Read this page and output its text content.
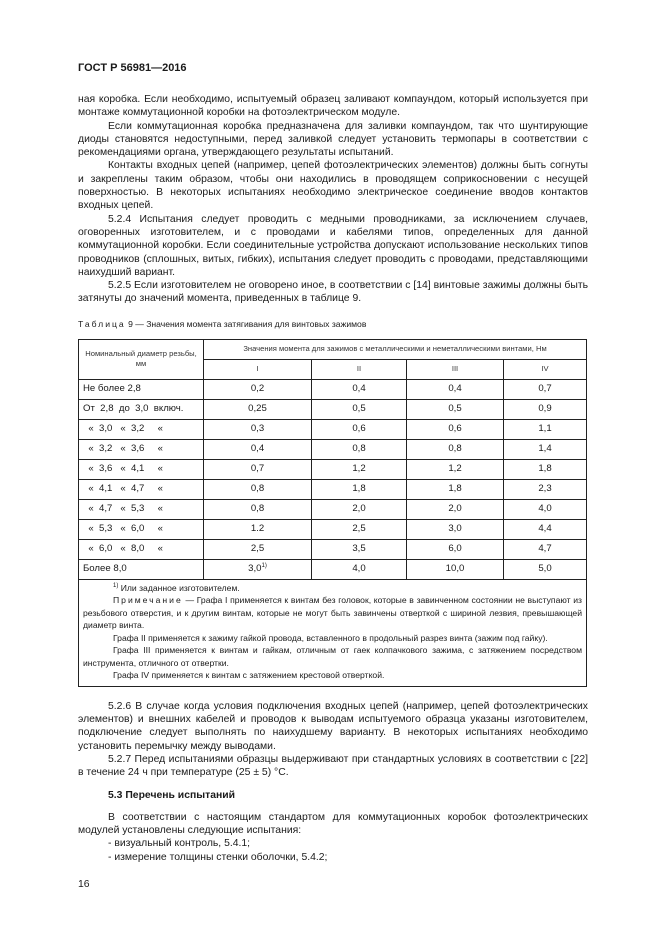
ГОСТ Р 56981—2016

ная коробка. Если необходимо, испытуемый образец заливают компаундом, который используется при монтаже коммутационной коробки на фотоэлектрическом модуле.

Если коммутационная коробка предназначена для заливки компаундом, так что шунтирующие диоды становятся недоступными, перед заливкой следует установить термопары в соответствии с рекомендациями органа, утверждающего результаты испытаний.

Контакты входных цепей (например, цепей фотоэлектрических элементов) должны быть согнуты и закреплены таким образом, чтобы они находились в проводящем соприкосновении с несущей поверхностью. В некоторых испытаниях необходимо электрическое соединение вводов контактов входных цепей.

5.2.4 Испытания следует проводить с медными проводниками, за исключением случаев, оговоренных изготовителем, и с проводами и кабелями типов, определенных для данной коммутационной коробки. Если соединительные устройства допускают использование нескольких типов проводников (сплошных, витых, гибких), испытания следует проводить с проводами, представляющими наихудший вариант.

5.2.5 Если изготовителем не оговорено иное, в соответствии с [14] винтовые зажимы должны быть затянуты до значений момента, приведенных в таблице 9.

Таблица 9 — Значения момента затягивания для винтовых зажимов
Номинальный диаметр резьбы, мм	Значения момента для зажимов с металлическими и неметаллическими винтами, Нм			
	I	II	III	IV
Не более 2,8	0,2	0,4	0,4	0,7
От  2,8  до  3,0  включ.	0,25	0,5	0,5	0,9
«  3,0   «  3,2     «	0,3	0,6	0,6	1,1
«  3,2   «  3,6     «	0,4	0,8	0,8	1,4
«  3,6   «  4,1     «	0,7	1,2	1,2	1,8
«  4,1   «  4,7     «	0,8	1,8	1,8	2,3
«  4,7   «  5,3     «	0,8	2,0	2,0	4,0
«  5,3   «  6,0     «	1.2	2,5	3,0	4,4
«  6,0   «  8,0     «	2,5	3,5	6,0	4,7
Более 8,0	3,0$^{1)}$	4,0	10,0	5,0

$^{1)}$ Или заданное изготовителем.

Примечание — Графа I применяется к винтам без головок, которые в завинченном состоянии не выступают из резьбового отверстия, и к другим винтам, которые не могут быть завинчены отверткой с шириной лезвия, превышающей диаметр винта.

Графа II применяется к зажиму гайкой провода, вставленного в продольный разрез винта (зажим под гайку).

Графа III применяется к винтам и гайкам, отличным от гаек колпачкового зажима, с затяжением посредством инструмента, отличного от отвертки.

Графа IV применяется к винтам с затяжением крестовой отверткой.				

5.2.6 В случае когда условия подключения входных цепей (например, цепей фотоэлектрических элементов) и внешних кабелей и проводов к выводам испытуемого образца указаны изготовителем, подключение следует выполнять по наихудшему варианту. В некоторых испытаниях необходимо установить перемычку между выводами.

5.2.7 Перед испытаниями образцы выдерживают при стандартных условиях в соответствии с [22] в течение 24 ч при температуре (25 ± 5) °С.

5.3 Перечень испытаний

В соответствии с настоящим стандартом для коммутационных коробок фотоэлектрических модулей установлены следующие испытания:

- визуальный контроль, 5.4.1;

- измерение толщины стенки оболочки, 5.4.2;

16
